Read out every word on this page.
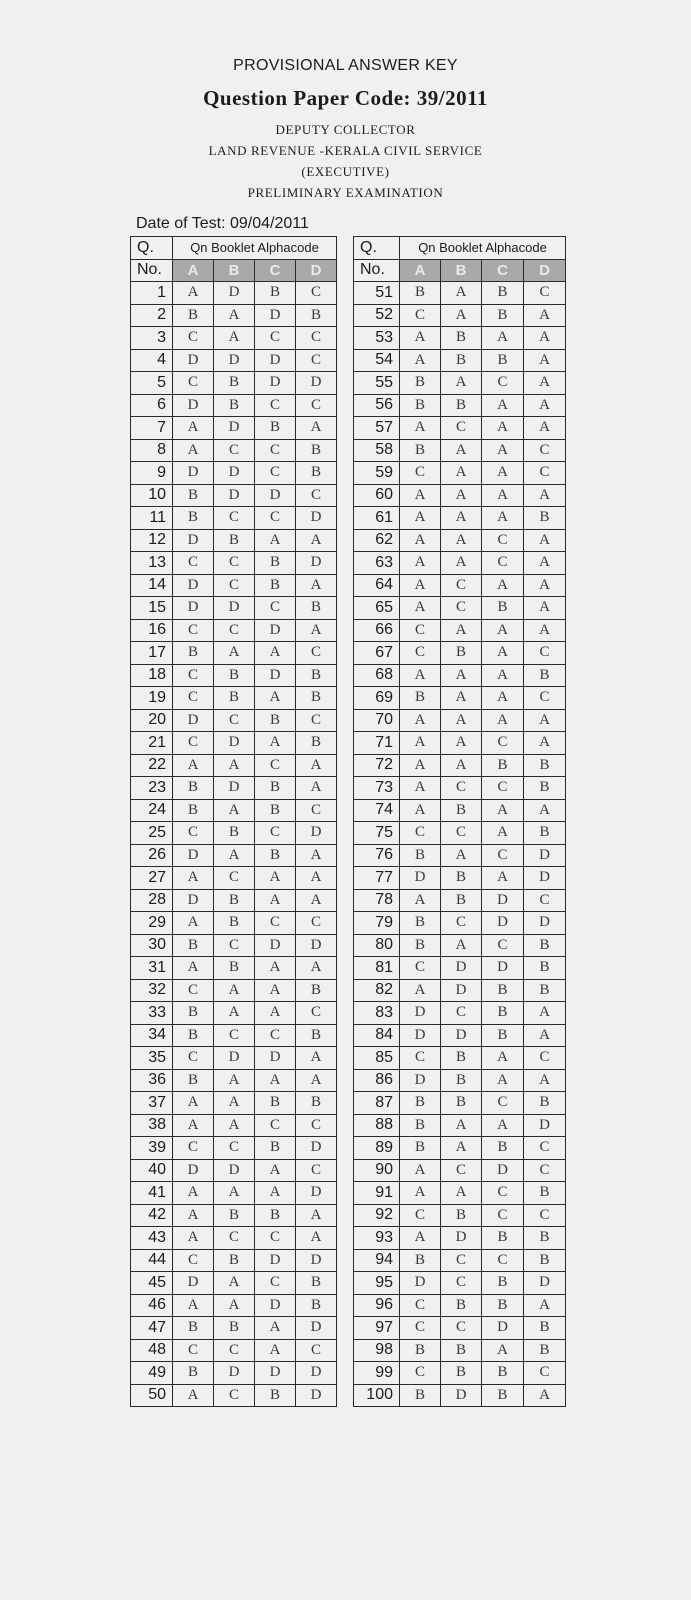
PROVISIONAL ANSWER KEY
Question Paper Code: 39/2011
DEPUTY COLLECTOR
LAND REVENUE -KERALA CIVIL SERVICE
(EXECUTIVE)
PRELIMINARY EXAMINATION
Date of Test: 09/04/2011
Q.	Qn Booklet Alphacode			
No.	A	B	C	D
1	A	D	B	C
2	B	A	D	B
3	C	A	C	C
4	D	D	D	C
5	C	B	D	D
6	D	B	C	C
7	A	D	B	A
8	A	C	C	B
9	D	D	C	B
10	B	D	D	C
11	B	C	C	D
12	D	B	A	A
13	C	C	B	D
14	D	C	B	A
15	D	D	C	B
16	C	C	D	A
17	B	A	A	C
18	C	B	D	B
19	C	B	A	B
20	D	C	B	C
21	C	D	A	B
22	A	A	C	A
23	B	D	B	A
24	B	A	B	C
25	C	B	C	D
26	D	A	B	A
27	A	C	A	A
28	D	B	A	A
29	A	B	C	C
30	B	C	D	D
31	A	B	A	A
32	C	A	A	B
33	B	A	A	C
34	B	C	C	B
35	C	D	D	A
36	B	A	A	A
37	A	A	B	B
38	A	A	C	C
39	C	C	B	D
40	D	D	A	C
41	A	A	A	D
42	A	B	B	A
43	A	C	C	A
44	C	B	D	D
45	D	A	C	B
46	A	A	D	B
47	B	B	A	D
48	C	C	A	C
49	B	D	D	D
50	A	C	B	D
Q.	Qn Booklet Alphacode			
No.	A	B	C	D
51	B	A	B	C
52	C	A	B	A
53	A	B	A	A
54	A	B	B	A
55	B	A	C	A
56	B	B	A	A
57	A	C	A	A
58	B	A	A	C
59	C	A	A	C
60	A	A	A	A
61	A	A	A	B
62	A	A	C	A
63	A	A	C	A
64	A	C	A	A
65	A	C	B	A
66	C	A	A	A
67	C	B	A	C
68	A	A	A	B
69	B	A	A	C
70	A	A	A	A
71	A	A	C	A
72	A	A	B	B
73	A	C	C	B
74	A	B	A	A
75	C	C	A	B
76	B	A	C	D
77	D	B	A	D
78	A	B	D	C
79	B	C	D	D
80	B	A	C	B
81	C	D	D	B
82	A	D	B	B
83	D	C	B	A
84	D	D	B	A
85	C	B	A	C
86	D	B	A	A
87	B	B	C	B
88	B	A	A	D
89	B	A	B	C
90	A	C	D	C
91	A	A	C	B
92	C	B	C	C
93	A	D	B	B
94	B	C	C	B
95	D	C	B	D
96	C	B	B	A
97	C	C	D	B
98	B	B	A	B
99	C	B	B	C
100	B	D	B	A
